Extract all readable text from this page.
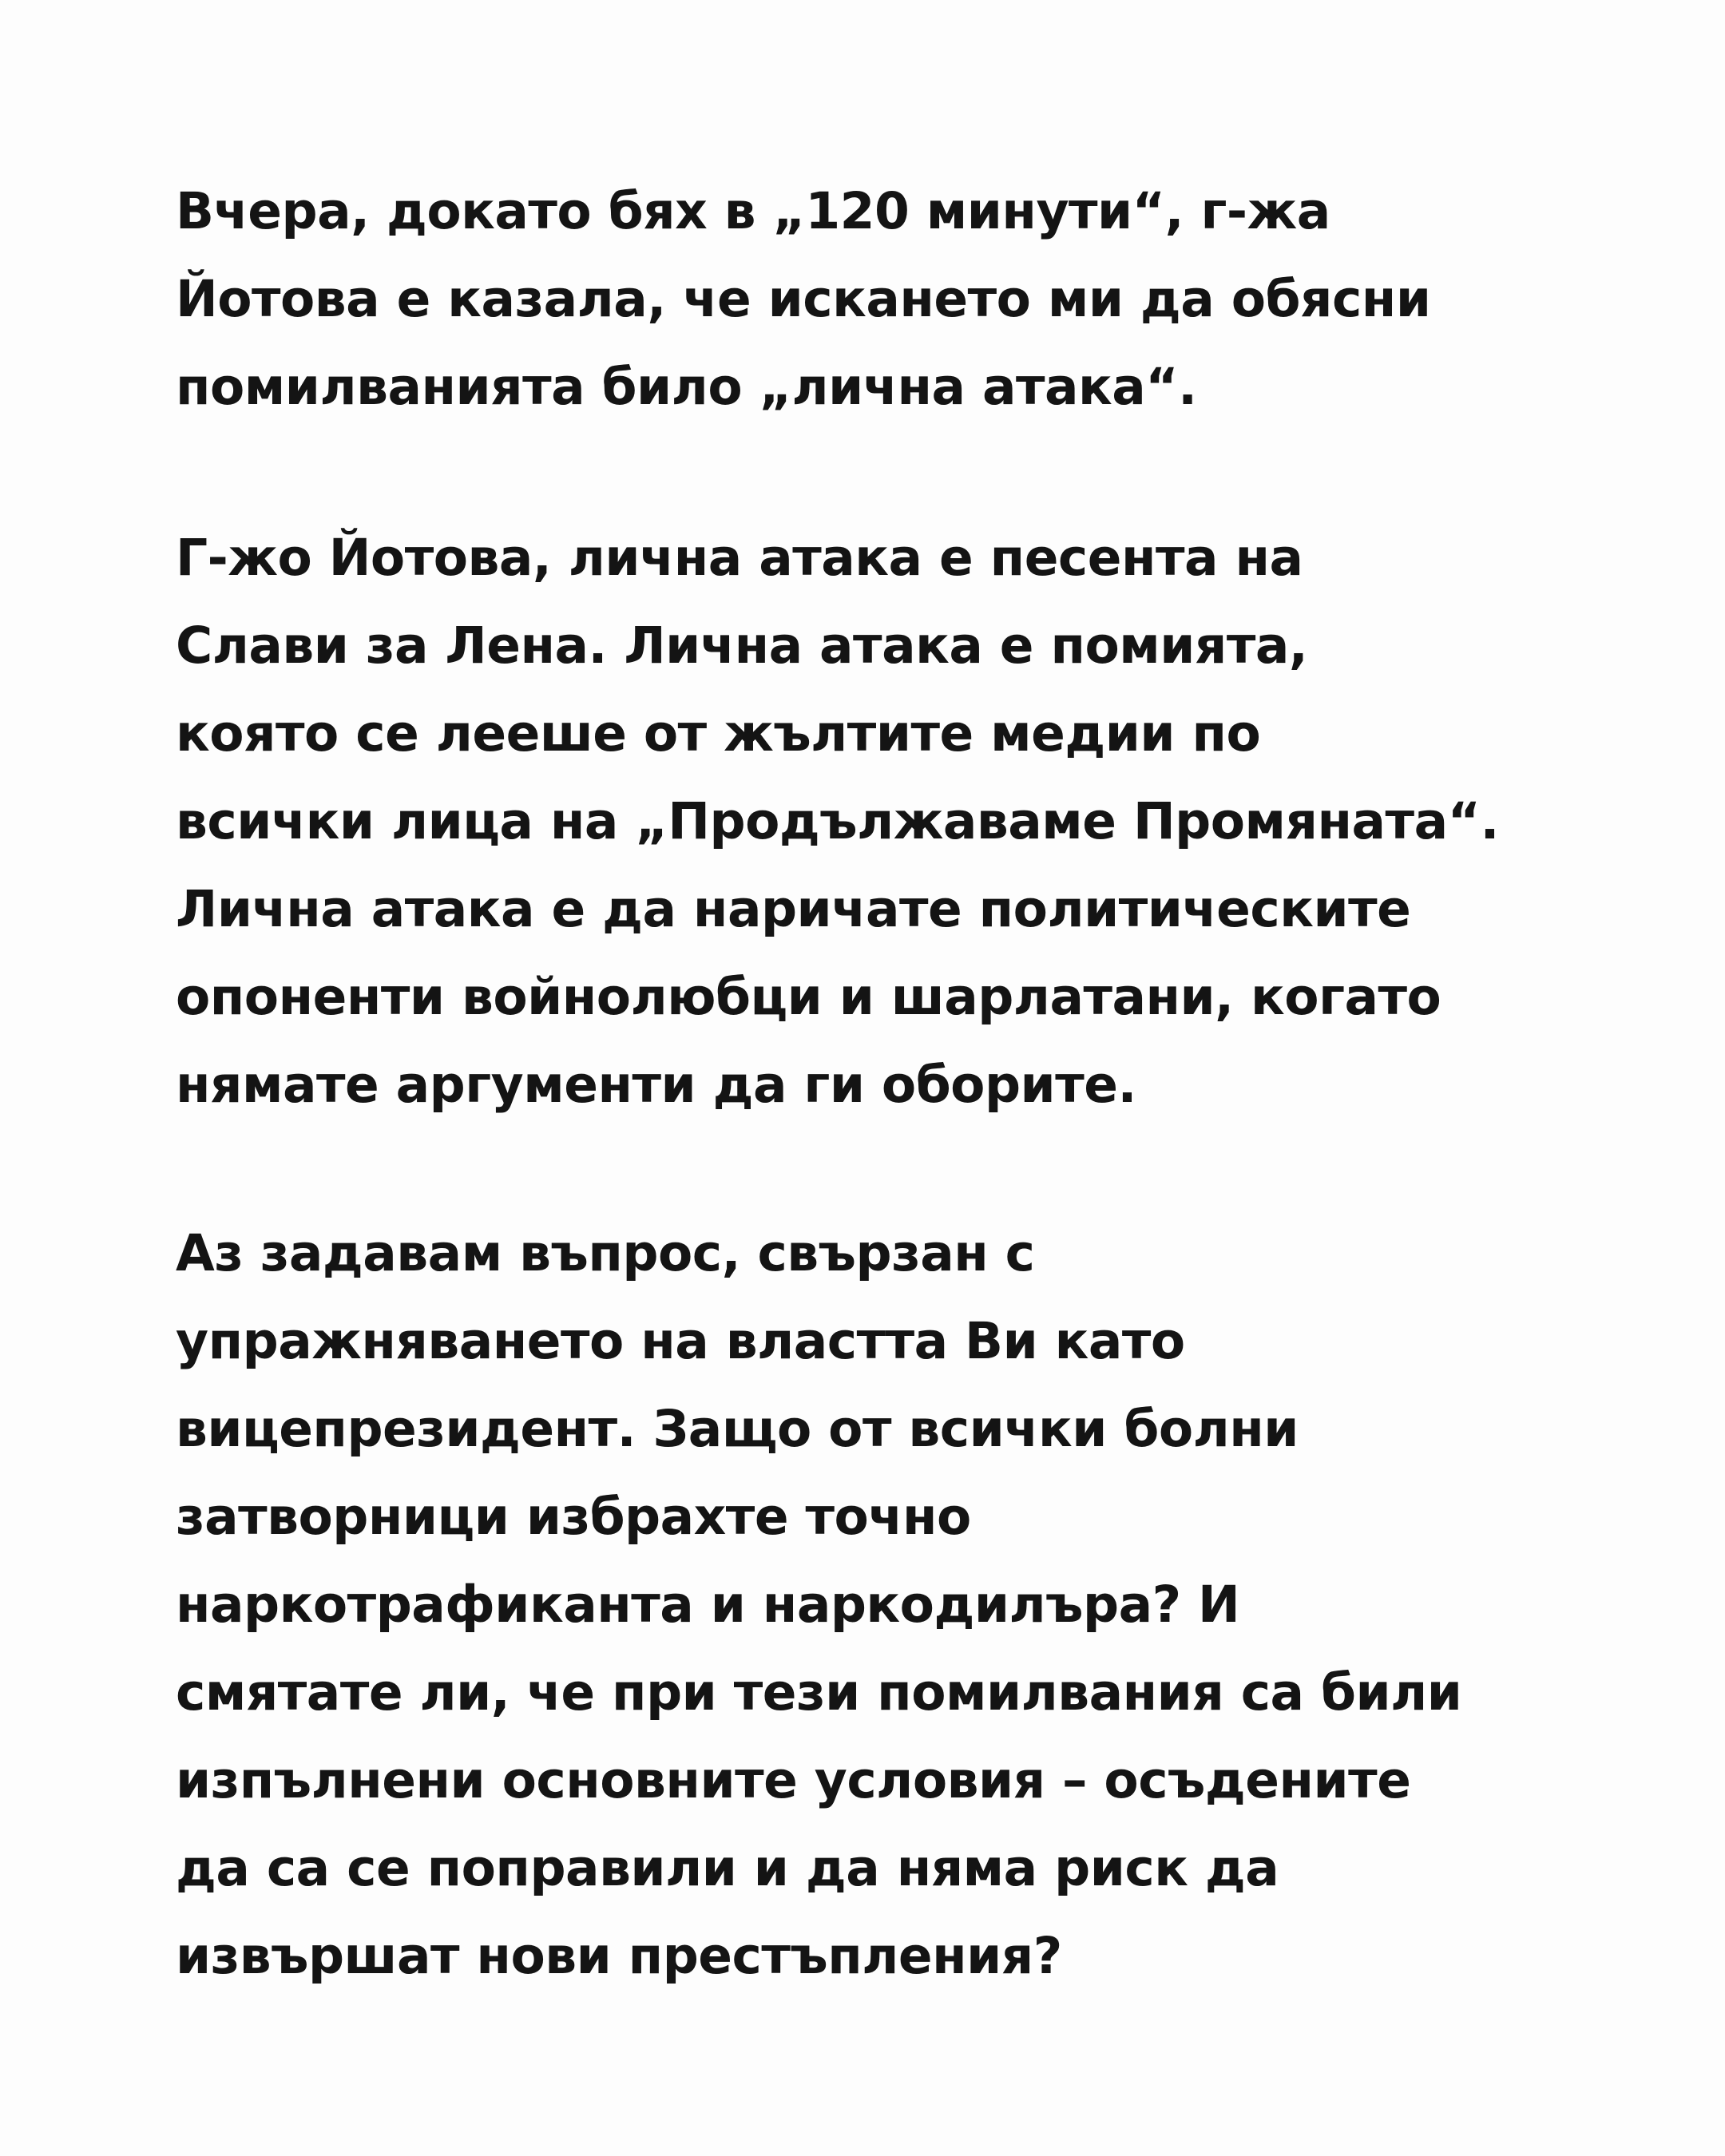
Вчера, докато бях в „120 минути“, г-жа
Йотова е казала, че искането ми да обясни
помилванията било „лична атака“.
Г-жо Йотова, лична атака е песента на
Слави за Лена. Лична атака е помията,
която се лееше от жълтите медии по
всички лица на „Продължаваме Промяната“.
Лична атака е да наричате политическите
опоненти войнолюбци и шарлатани, когато
нямате аргументи да ги оборите.
Аз задавам въпрос, свързан с
упражняването на властта Ви като
вицепрезидент. Защо от всички болни
затворници избрахте точно
наркотрафиканта и наркодилъра? И
смятате ли, че при тези помилвания са били
изпълнени основните условия – осъдените
да са се поправили и да няма риск да
извършат нови престъпления?
